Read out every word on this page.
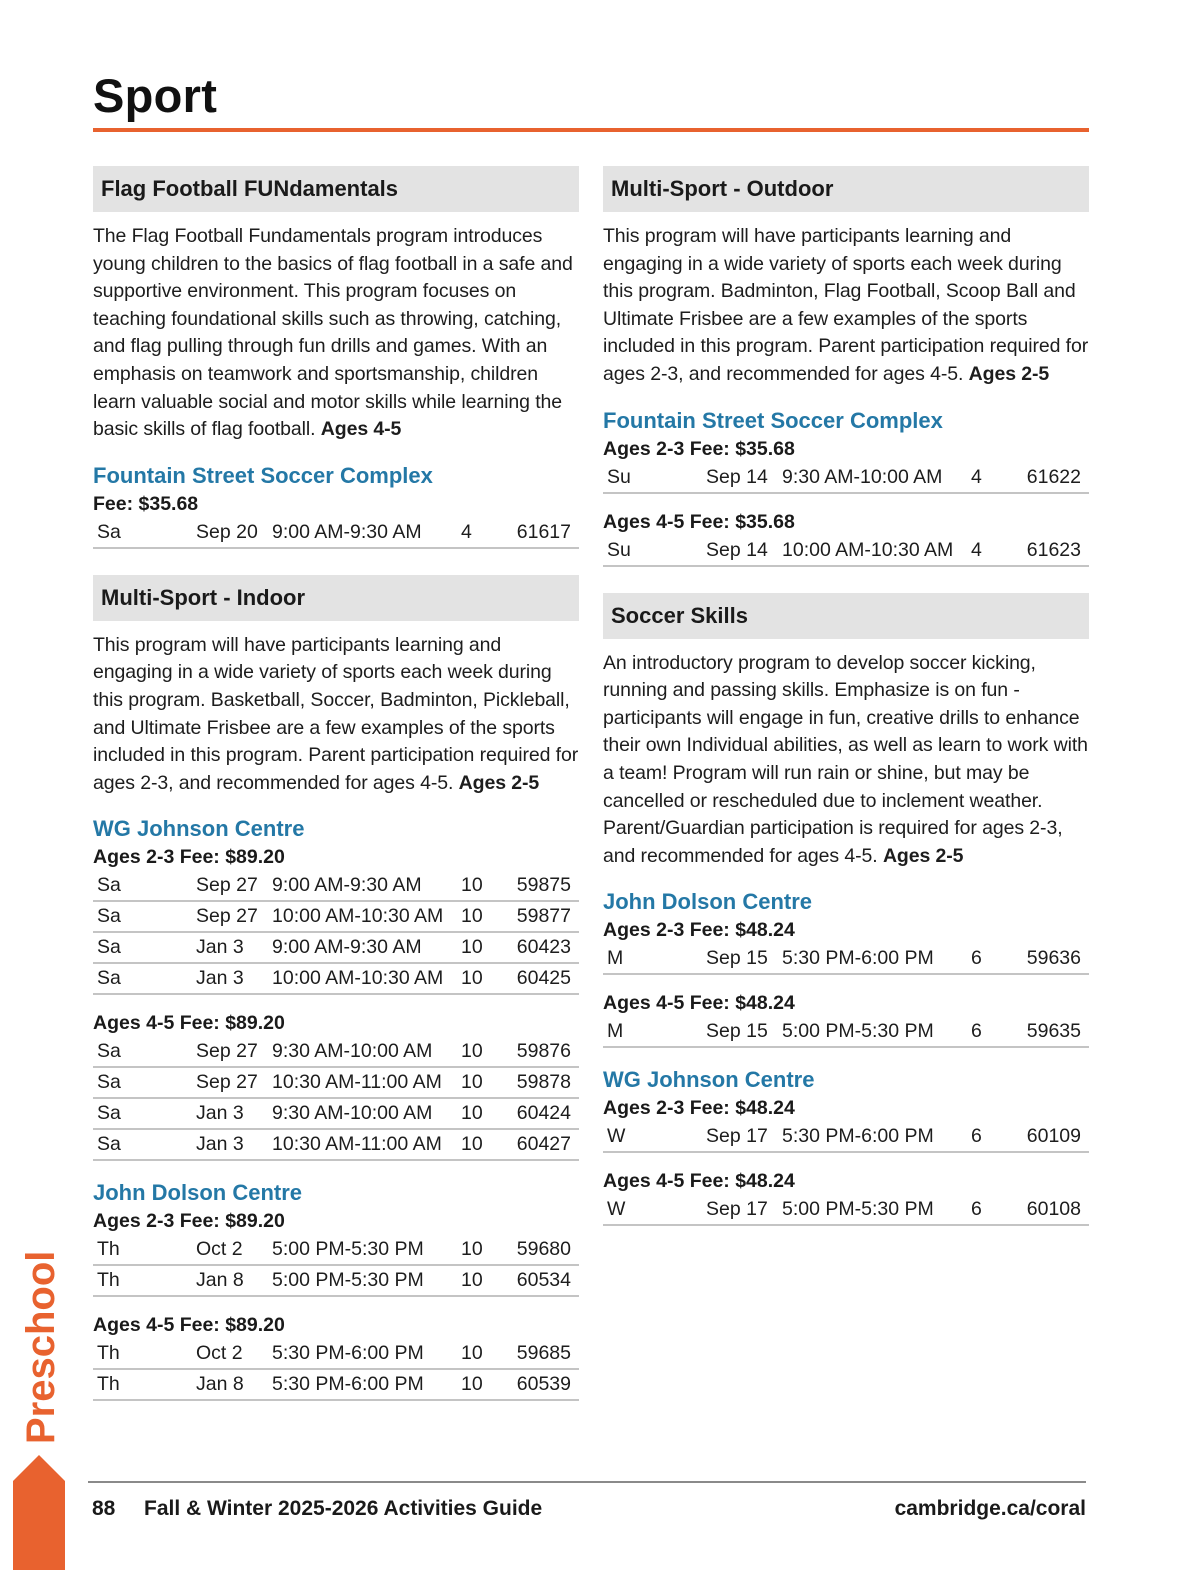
Sport
Flag Football FUNdamentals

The Flag Football Fundamentals program introduces young children to the basics of flag football in a safe and supportive environment. This program focuses on teaching foundational skills such as throwing, catching, and flag pulling through fun drills and games. With an emphasis on teamwork and sportsmanship, children learn valuable social and motor skills while learning the basic skills of flag football. Ages 4-5

Fountain Street Soccer Complex
Fee: $35.68
Sa	Sep 20 9:00 AM-9:30 AM	4	61617
Multi-Sport - Indoor

This program will have participants learning and engaging in a wide variety of sports each week during this program. Basketball, Soccer, Badminton, Pickleball, and Ultimate Frisbee are a few examples of the sports included in this program. Parent participation required for ages 2-3, and recommended for ages 4-5. Ages 2-5

WG Johnson Centre
Ages 2-3 Fee: $89.20
Sa	Sep 27 9:00 AM-9:30 AM	10	59875
Sa	Sep 27 10:00 AM-10:30 AM 10	59877
Sa	Jan 3	9:00 AM-9:30 AM	10	60423
Sa	Jan 3	10:00 AM-10:30 AM 10	60425
Ages 4-5 Fee: $89.20
Sa	Sep 27 9:30 AM-10:00 AM	10	59876
Sa	Sep 27 10:30 AM-11:00 AM 10	59878
Sa	Jan 3	9:30 AM-10:00 AM	10	60424
Sa	Jan 3	10:30 AM-11:00 AM 10	60427
John Dolson Centre
Ages 2-3 Fee: $89.20
Th	Oct 2	5:00 PM-5:30 PM	10	59680
Th	Jan 8	5:00 PM-5:30 PM	10	60534
Ages 4-5 Fee: $89.20
Th	Oct 2	5:30 PM-6:00 PM	10	59685
Th	Jan 8	5:30 PM-6:00 PM	10	60539
Multi-Sport - Outdoor

This program will have participants learning and engaging in a wide variety of sports each week during this program. Badminton, Flag Football, Scoop Ball and Ultimate Frisbee are a few examples of the sports included in this program. Parent participation required for ages 2-3, and recommended for ages 4-5. Ages 2-5

Fountain Street Soccer Complex
Ages 2-3 Fee: $35.68
Su	Sep 14 9:30 AM-10:00 AM	4	61622
Ages 4-5 Fee: $35.68
Su	Sep 14 10:00 AM-10:30 AM 4	61623
Soccer Skills

An introductory program to develop soccer kicking, running and passing skills. Emphasize is on fun - participants will engage in fun, creative drills to enhance their own Individual abilities, as well as learn to work with a team! Program will run rain or shine, but may be cancelled or rescheduled due to inclement weather. Parent/Guardian participation is required for ages 2-3, and recommended for ages 4-5. Ages 2-5

John Dolson Centre
Ages 2-3 Fee: $48.24
M	Sep 15 5:30 PM-6:00 PM	6	59636
Ages 4-5 Fee: $48.24
M	Sep 15 5:00 PM-5:30 PM	6	59635
WG Johnson Centre
Ages 2-3 Fee: $48.24
W	Sep 17 5:30 PM-6:00 PM	6	60109
Ages 4-5 Fee: $48.24
W	Sep 17 5:00 PM-5:30 PM	6	60108
Preschool
88 Fall & Winter 2025-2026 Activities Guide	cambridge.ca/coral
